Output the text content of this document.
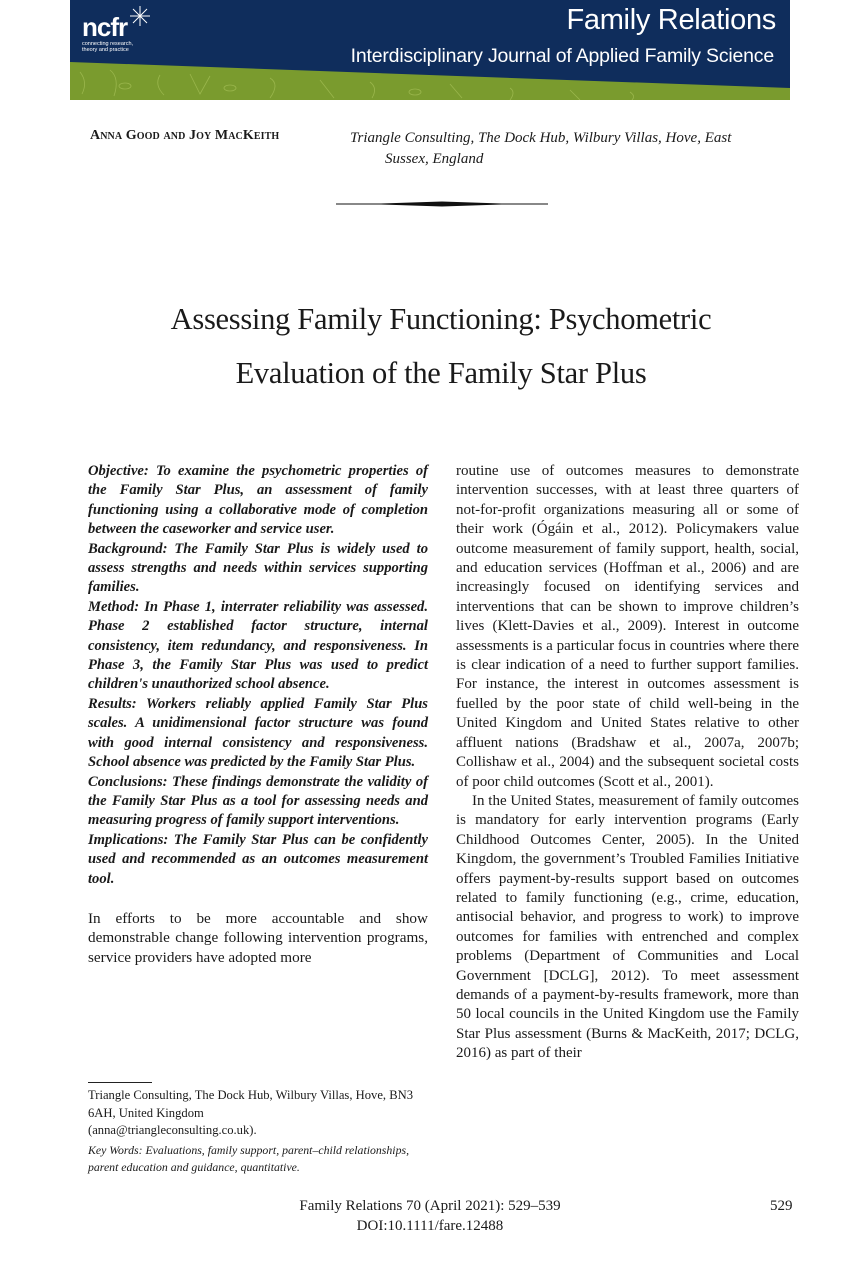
ncfr
connecting research, theory and practice
Family Relations
Interdisciplinary Journal of Applied Family Science
Anna Good and Joy MacKeith	Triangle Consulting, The Dock Hub, Wilbury Villas, Hove, East
Sussex, England
Assessing Family Functioning: Psychometric
Evaluation of the Family Star Plus

Objective: To examine the psychometric properties of the Family Star Plus, an assessment of family functioning using a collaborative mode of completion between the caseworker and service user.

Background: The Family Star Plus is widely used to assess strengths and needs within services supporting families.

Method: In Phase 1, interrater reliability was assessed. Phase 2 established factor structure, internal consistency, item redundancy, and responsiveness. In Phase 3, the Family Star Plus was used to predict children's unauthorized school absence.

Results: Workers reliably applied Family Star Plus scales. A unidimensional factor structure was found with good internal consistency and responsiveness. School absence was predicted by the Family Star Plus.

Conclusions: These findings demonstrate the validity of the Family Star Plus as a tool for assessing needs and measuring progress of family support interventions.

Implications: The Family Star Plus can be confidently used and recommended as an outcomes measurement tool.

In efforts to be more accountable and show demonstrable change following intervention programs, service providers have adopted more

Triangle Consulting, The Dock Hub, Wilbury Villas, Hove, BN3 6AH, United Kingdom

(anna@triangleconsulting.co.uk).

Key Words: Evaluations, family support, parent–child relationships, parent education and guidance, quantitative.

routine use of outcomes measures to demonstrate intervention successes, with at least three quarters of not-for-profit organizations measuring all or some of their work (Ógáin et al., 2012). Policymakers value outcome measurement of family support, health, social, and education services (Hoffman et al., 2006) and are increasingly focused on identifying services and interventions that can be shown to improve children’s lives (Klett-Davies et al., 2009). Interest in outcome assessments is a particular focus in countries where there is clear indication of a need to further support families. For instance, the interest in outcomes assessment is fuelled by the poor state of child well-being in the United Kingdom and United States relative to other affluent nations (Bradshaw et al., 2007a, 2007b; Collishaw et al., 2004) and the subsequent societal costs of poor child outcomes (Scott et al., 2001).

In the United States, measurement of family outcomes is mandatory for early intervention programs (Early Childhood Outcomes Center, 2005). In the United Kingdom, the government’s Troubled Families Initiative offers payment-by-results support based on outcomes related to family functioning (e.g., crime, education, antisocial behavior, and progress to work) to improve outcomes for families with entrenched and complex problems (Department of Communities and Local Government [DCLG], 2012). To meet assessment demands of a payment-by-results framework, more than 50 local councils in the United Kingdom use the Family Star Plus assessment (Burns & MacKeith, 2017; DCLG, 2016) as part of their

Family Relations 70 (April 2021): 529–539
DOI:10.1111/fare.12488
529
